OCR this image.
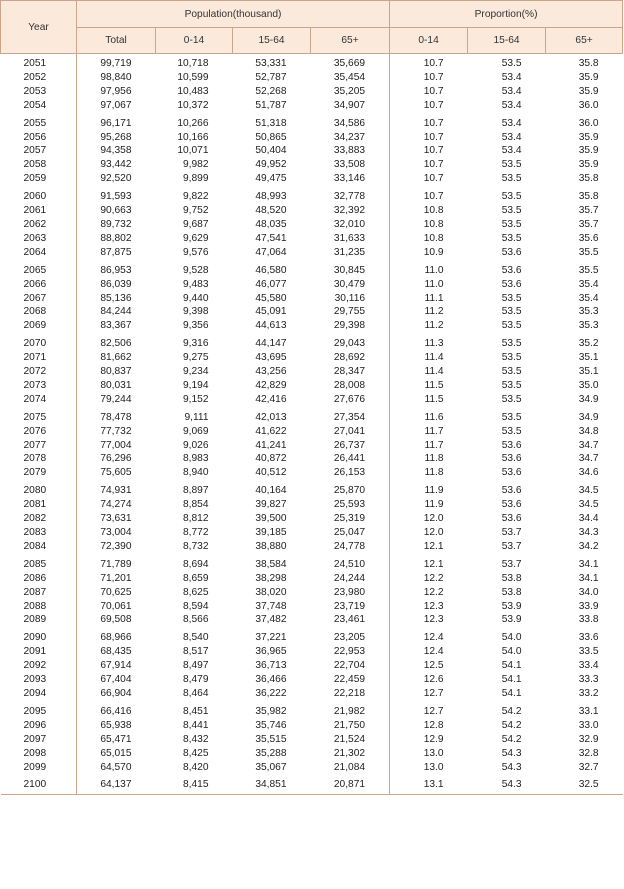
Year	Population(thousand)				Proportion(%)		
	Total	0-14	15-64	65+	0-14	15-64	65+
2051	99,719	10,718	53,331	35,669	10.7	53.5	35.8
2052	98,840	10,599	52,787	35,454	10.7	53.4	35.9
2053	97,956	10,483	52,268	35,205	10.7	53.4	35.9
2054	97,067	10,372	51,787	34,907	10.7	53.4	36.0
2055	96,171	10,266	51,318	34,586	10.7	53.4	36.0
2056	95,268	10,166	50,865	34,237	10.7	53.4	35.9
2057	94,358	10,071	50,404	33,883	10.7	53.4	35.9
2058	93,442	9,982	49,952	33,508	10.7	53.5	35.9
2059	92,520	9,899	49,475	33,146	10.7	53.5	35.8
2060	91,593	9,822	48,993	32,778	10.7	53.5	35.8
2061	90,663	9,752	48,520	32,392	10.8	53.5	35.7
2062	89,732	9,687	48,035	32,010	10.8	53.5	35.7
2063	88,802	9,629	47,541	31,633	10.8	53.5	35.6
2064	87,875	9,576	47,064	31,235	10.9	53.6	35.5
2065	86,953	9,528	46,580	30,845	11.0	53.6	35.5
2066	86,039	9,483	46,077	30,479	11.0	53.6	35.4
2067	85,136	9,440	45,580	30,116	11.1	53.5	35.4
2068	84,244	9,398	45,091	29,755	11.2	53.5	35.3
2069	83,367	9,356	44,613	29,398	11.2	53.5	35.3
2070	82,506	9,316	44,147	29,043	11.3	53.5	35.2
2071	81,662	9,275	43,695	28,692	11.4	53.5	35.1
2072	80,837	9,234	43,256	28,347	11.4	53.5	35.1
2073	80,031	9,194	42,829	28,008	11.5	53.5	35.0
2074	79,244	9,152	42,416	27,676	11.5	53.5	34.9
2075	78,478	9,111	42,013	27,354	11.6	53.5	34.9
2076	77,732	9,069	41,622	27,041	11.7	53.5	34.8
2077	77,004	9,026	41,241	26,737	11.7	53.6	34.7
2078	76,296	8,983	40,872	26,441	11.8	53.6	34.7
2079	75,605	8,940	40,512	26,153	11.8	53.6	34.6
2080	74,931	8,897	40,164	25,870	11.9	53.6	34.5
2081	74,274	8,854	39,827	25,593	11.9	53.6	34.5
2082	73,631	8,812	39,500	25,319	12.0	53.6	34.4
2083	73,004	8,772	39,185	25,047	12.0	53.7	34.3
2084	72,390	8,732	38,880	24,778	12.1	53.7	34.2
2085	71,789	8,694	38,584	24,510	12.1	53.7	34.1
2086	71,201	8,659	38,298	24,244	12.2	53.8	34.1
2087	70,625	8,625	38,020	23,980	12.2	53.8	34.0
2088	70,061	8,594	37,748	23,719	12.3	53.9	33.9
2089	69,508	8,566	37,482	23,461	12.3	53.9	33.8
2090	68,966	8,540	37,221	23,205	12.4	54.0	33.6
2091	68,435	8,517	36,965	22,953	12.4	54.0	33.5
2092	67,914	8,497	36,713	22,704	12.5	54.1	33.4
2093	67,404	8,479	36,466	22,459	12.6	54.1	33.3
2094	66,904	8,464	36,222	22,218	12.7	54.1	33.2
2095	66,416	8,451	35,982	21,982	12.7	54.2	33.1
2096	65,938	8,441	35,746	21,750	12.8	54.2	33.0
2097	65,471	8,432	35,515	21,524	12.9	54.2	32.9
2098	65,015	8,425	35,288	21,302	13.0	54.3	32.8
2099	64,570	8,420	35,067	21,084	13.0	54.3	32.7
2100	64,137	8,415	34,851	20,871	13.1	54.3	32.5
